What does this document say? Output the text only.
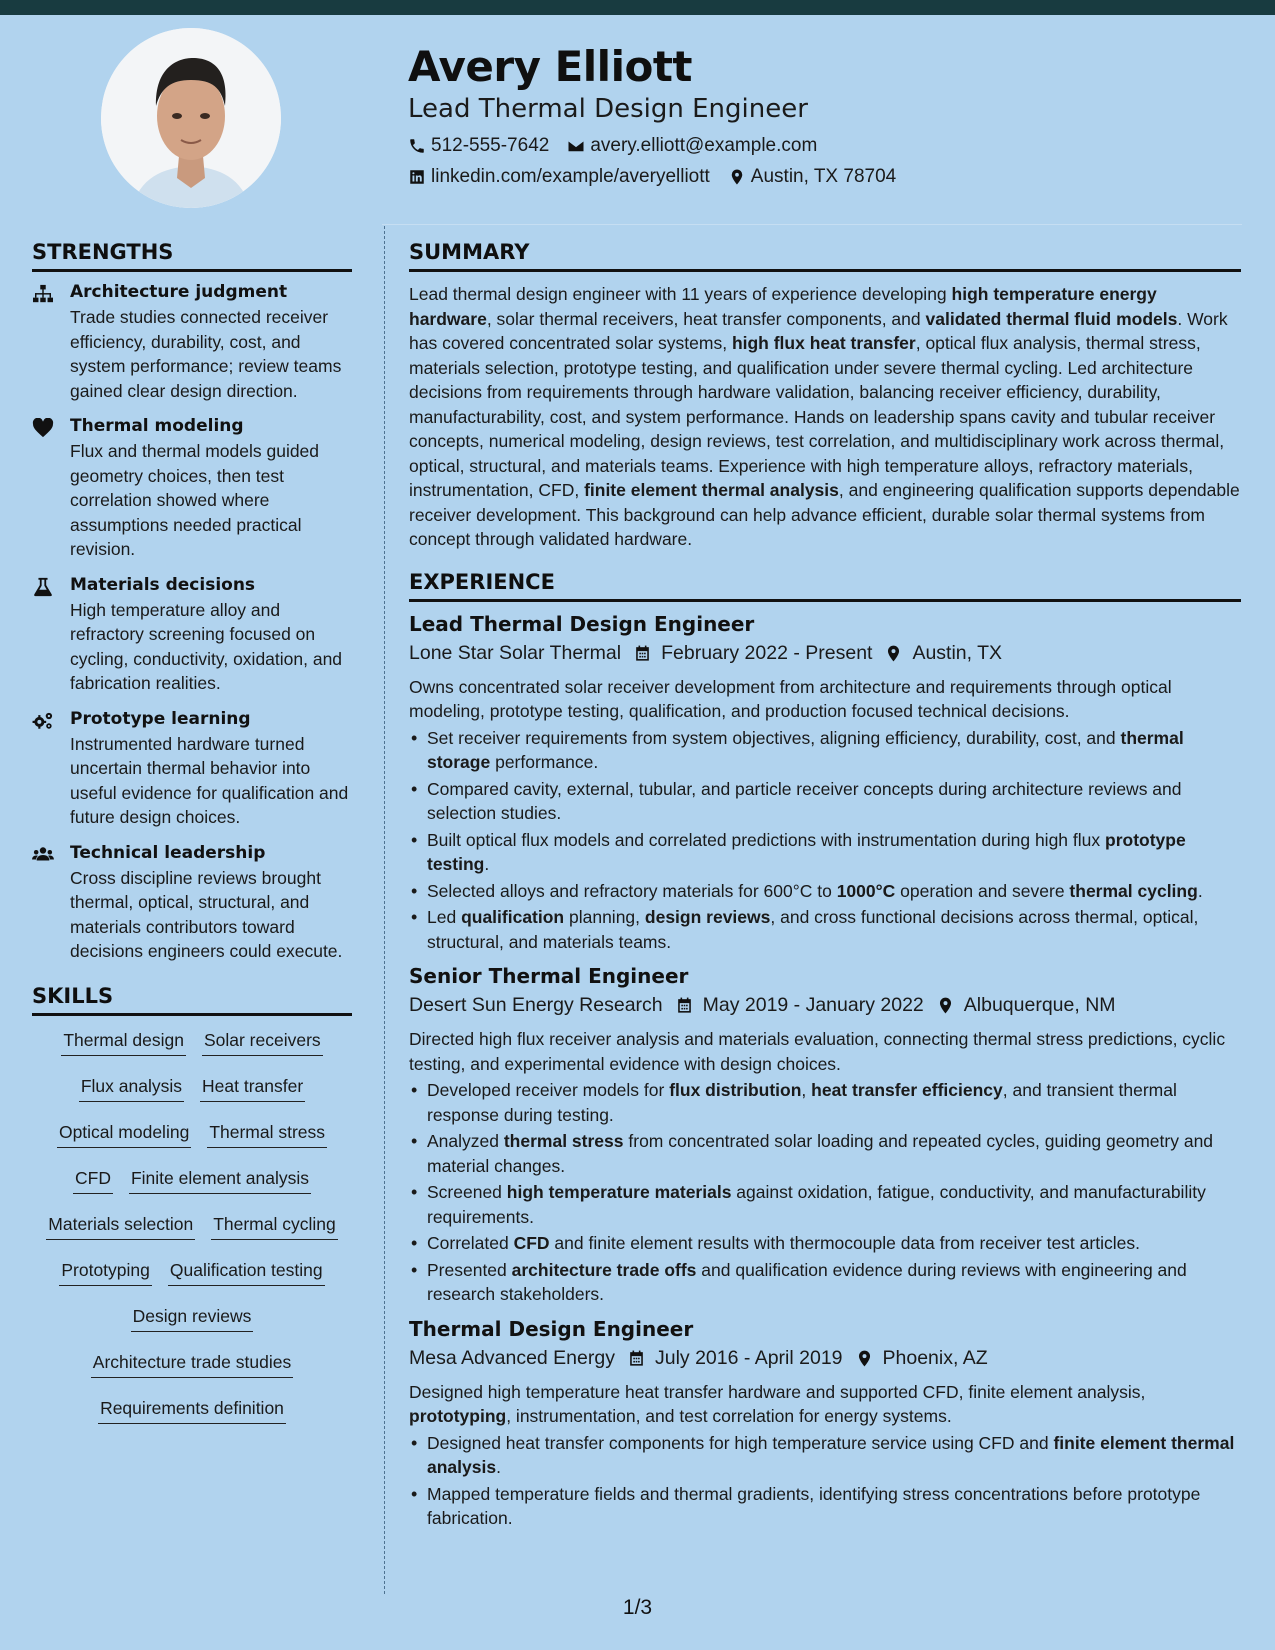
Avery Elliott
Lead Thermal Design Engineer
512-555-7642 avery.elliott@example.com
linkedin.com/example/averyelliott Austin, TX 78704
STRENGTHS
Architecture judgment
Trade studies connected receiver efficiency, durability, cost, and system performance; review teams gained clear design direction.
Thermal modeling
Flux and thermal models guided geometry choices, then test correlation showed where assumptions needed practical revision.
Materials decisions
High temperature alloy and refractory screening focused on cycling, conductivity, oxidation, and fabrication realities.
Prototype learning
Instrumented hardware turned uncertain thermal behavior into useful evidence for qualification and future design choices.
Technical leadership
Cross discipline reviews brought thermal, optical, structural, and materials contributors toward decisions engineers could execute.
SKILLS
Thermal design Solar receivers
Flux analysis Heat transfer
Optical modeling Thermal stress
CFD Finite element analysis
Materials selection Thermal cycling
Prototyping Qualification testing
Design reviews
Architecture trade studies
Requirements definition
SUMMARY
Lead thermal design engineer with 11 years of experience developing high temperature energy hardware, solar thermal receivers, heat transfer components, and validated thermal fluid models. Work has covered concentrated solar systems, high flux heat transfer, optical flux analysis, thermal stress, materials selection, prototype testing, and qualification under severe thermal cycling. Led architecture decisions from requirements through hardware validation, balancing receiver efficiency, durability, manufacturability, cost, and system performance. Hands on leadership spans cavity and tubular receiver concepts, numerical modeling, design reviews, test correlation, and multidisciplinary work across thermal, optical, structural, and materials teams. Experience with high temperature alloys, refractory materials, instrumentation, CFD, finite element thermal analysis, and engineering qualification supports dependable receiver development. This background can help advance efficient, durable solar thermal systems from concept through validated hardware.
EXPERIENCE
Lead Thermal Design Engineer
Lone Star Solar Thermal February 2022 - Present Austin, TX
Owns concentrated solar receiver development from architecture and requirements through optical modeling, prototype testing, qualification, and production focused technical decisions.
• Set receiver requirements from system objectives, aligning efficiency, durability, cost, and thermal storage performance.
• Compared cavity, external, tubular, and particle receiver concepts during architecture reviews and selection studies.
• Built optical flux models and correlated predictions with instrumentation during high flux prototype testing.
• Selected alloys and refractory materials for 600°C to 1000°C operation and severe thermal cycling.
• Led qualification planning, design reviews, and cross functional decisions across thermal, optical, structural, and materials teams.
Senior Thermal Engineer
Desert Sun Energy Research May 2019 - January 2022 Albuquerque, NM
Directed high flux receiver analysis and materials evaluation, connecting thermal stress predictions, cyclic testing, and experimental evidence with design choices.
• Developed receiver models for flux distribution, heat transfer efficiency, and transient thermal response during testing.
• Analyzed thermal stress from concentrated solar loading and repeated cycles, guiding geometry and material changes.
• Screened high temperature materials against oxidation, fatigue, conductivity, and manufacturability requirements.
• Correlated CFD and finite element results with thermocouple data from receiver test articles.
• Presented architecture trade offs and qualification evidence during reviews with engineering and research stakeholders.
Thermal Design Engineer
Mesa Advanced Energy July 2016 - April 2019 Phoenix, AZ
Designed high temperature heat transfer hardware and supported CFD, finite element analysis, prototyping, instrumentation, and test correlation for energy systems.
• Designed heat transfer components for high temperature service using CFD and finite element thermal analysis.
• Mapped temperature fields and thermal gradients, identifying stress concentrations before prototype fabrication.
1/3
